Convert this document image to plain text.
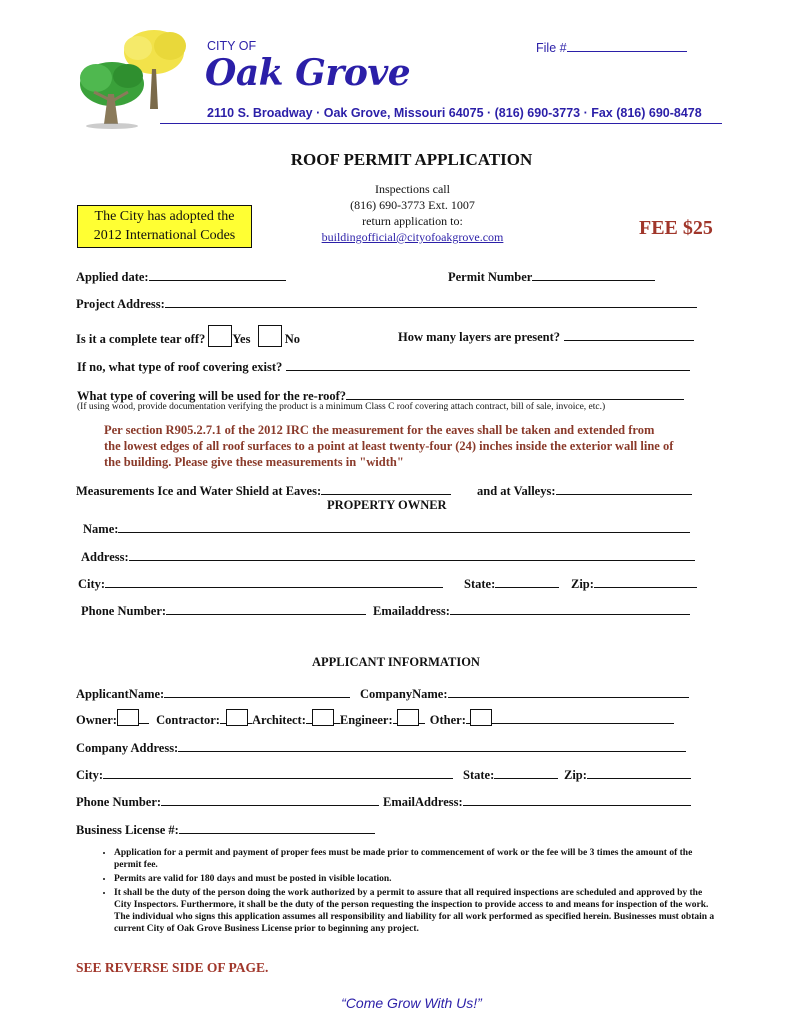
CITY OF
Oak Grove
File #
2110 S. Broadway · Oak Grove, Missouri 64075 · (816) 690-3773 · Fax (816) 690-8478
ROOF PERMIT APPLICATION
Inspections call
(816) 690-3773 Ext. 1007
return application to:
buildingofficial@cityofoakgrove.com
The City has adopted the
2012 International Codes	FEE $25
Applied date:	Permit Number
Project Address:
Is it a complete tear off? Yes	No	How many layers are present?
If no, what type of roof covering exist?
What type of covering will be used for the re-roof?
(If using wood, provide documentation verifying the product is a minimum Class C roof covering attach contract, bill of sale, invoice, etc.)
Per section R905.2.7.1 of the 2012 IRC the measurement for the eaves shall be taken and extended from the lowest edges of all roof surfaces to a point at least twenty-four (24) inches inside the exterior wall line of the building. Please give these measurements in "width"
Measurements Ice and Water Shield at Eaves:	and at Valleys:
PROPERTY OWNER
Name:
Address:
City:	State:	Zip:
Phone Number:	Emailaddress:
APPLICANT INFORMATION
ApplicantName:	CompanyName:
Owner:	Contractor:	Architect:	Engineer:	Other:
Company Address:
City:	State:	Zip:
Phone Number:	EmailAddress:
Business License #:
• Application for a permit and payment of proper fees must be made prior to commencement of work or the fee will be 3 times the amount of the permit fee.
• Permits are valid for 180 days and must be posted in visible location.
• It shall be the duty of the person doing the work authorized by a permit to assure that all required inspections are scheduled and approved by the City Inspectors. Furthermore, it shall be the duty of the person requesting the inspection to provide access to and means for inspection of the work. The individual who signs this application assumes all responsibility and liability for all work performed as specified herein. Businesses must obtain a current City of Oak Grove Business License prior to beginning any project.
SEE REVERSE SIDE OF PAGE.
“Come Grow With Us!”
